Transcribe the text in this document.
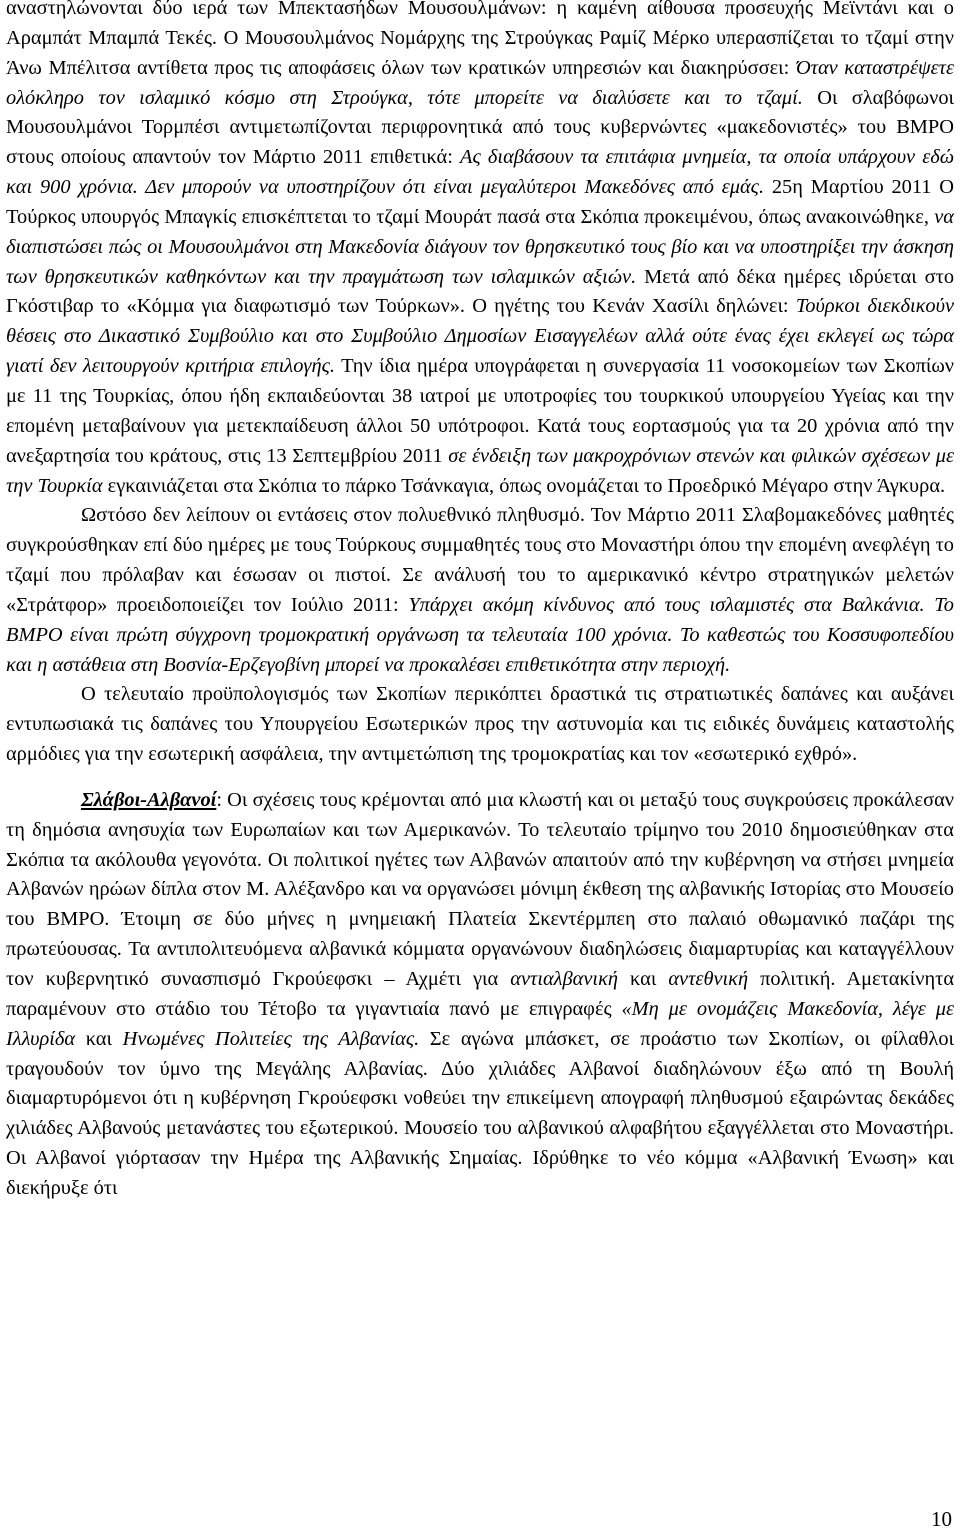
αναστηλώνονται δύο ιερά των Μπεκτασήδων Μουσουλμάνων: η καμένη αίθουσα προσευχής Μεϊντάνι και ο Αραμπάτ Μπαμπά Τεκές. Ο Μουσουλμάνος Νομάρχης της Στρούγκας Ραμίζ Μέρκο υπερασπίζεται το τζαμί στην Άνω Μπέλιτσα αντίθετα προς τις αποφάσεις όλων των κρατικών υπηρεσιών και διακηρύσσει: Όταν καταστρέψετε ολόκληρο τον ισλαμικό κόσμο στη Στρούγκα, τότε μπορείτε να διαλύσετε και το τζαμί. Οι σλαβόφωνοι Μουσουλμάνοι Τορμπέσι αντιμετωπίζονται περιφρονητικά από τους κυβερνώντες «μακεδονιστές» του ΒΜΡΟ στους οποίους απαντούν τον Μάρτιο 2011 επιθετικά: Ας διαβάσουν τα επιτάφια μνημεία, τα οποία υπάρχουν εδώ και 900 χρόνια. Δεν μπορούν να υποστηρίζουν ότι είναι μεγαλύτεροι Μακεδόνες από εμάς. 25η Μαρτίου 2011 Ο Τούρκος υπουργός Μπαγκίς επισκέπτεται το τζαμί Μουράτ πασά στα Σκόπια προκειμένου, όπως ανακοινώθηκε, να διαπιστώσει πώς οι Μουσουλμάνοι στη Μακεδονία διάγουν τον θρησκευτικό τους βίο και να υποστηρίξει την άσκηση των θρησκευτικών καθηκόντων και την πραγμάτωση των ισλαμικών αξιών. Μετά από δέκα ημέρες ιδρύεται στο Γκόστιβαρ το «Κόμμα για διαφωτισμό των Τούρκων». Ο ηγέτης του Κενάν Χασίλι δηλώνει: Τούρκοι διεκδικούν θέσεις στο Δικαστικό Συμβούλιο και στο Συμβούλιο Δημοσίων Εισαγγελέων αλλά ούτε ένας έχει εκλεγεί ως τώρα γιατί δεν λειτουργούν κριτήρια επιλογής. Την ίδια ημέρα υπογράφεται η συνεργασία 11 νοσοκομείων των Σκοπίων με 11 της Τουρκίας, όπου ήδη εκπαιδεύονται 38 ιατροί με υποτροφίες του τουρκικού υπουργείου Υγείας και την επομένη μεταβαίνουν για μετεκπαίδευση άλλοι 50 υπότροφοι. Κατά τους εορτασμούς για τα 20 χρόνια από την ανεξαρτησία του κράτους, στις 13 Σεπτεμβρίου 2011 σε ένδειξη των μακροχρόνιων στενών και φιλικών σχέσεων με την Τουρκία εγκαινιάζεται στα Σκόπια το πάρκο Τσάνκαγια, όπως ονομάζεται το Προεδρικό Μέγαρο στην Άγκυρα.

Ωστόσο δεν λείπουν οι εντάσεις στον πολυεθνικό πληθυσμό. Τον Μάρτιο 2011 Σλαβομακεδόνες μαθητές συγκρούσθηκαν επί δύο ημέρες με τους Τούρκους συμμαθητές τους στο Μοναστήρι όπου την επομένη ανεφλέγη το τζαμί που πρόλαβαν και έσωσαν οι πιστοί. Σε ανάλυσή του το αμερικανικό κέντρο στρατηγικών μελετών «Στράτφορ» προειδοποιείζει τον Ιούλιο 2011: Υπάρχει ακόμη κίνδυνος από τους ισλαμιστές στα Βαλκάνια. Το ΒΜΡΟ είναι πρώτη σύγχρονη τρομοκρατική οργάνωση τα τελευταία 100 χρόνια. Το καθεστώς του Κοσσυφοπεδίου και η αστάθεια στη Βοσνία-Ερζεγοβίνη μπορεί να προκαλέσει επιθετικότητα στην περιοχή.

Ο τελευταίο προϋπολογισμός των Σκοπίων περικόπτει δραστικά τις στρατιωτικές δαπάνες και αυξάνει εντυπωσιακά τις δαπάνες του Υπουργείου Εσωτερικών προς την αστυνομία και τις ειδικές δυνάμεις καταστολής αρμόδιες για την εσωτερική ασφάλεια, την αντιμετώπιση της τρομοκρατίας και τον «εσωτερικό εχθρό».

Σλάβοι-Αλβανοί: Οι σχέσεις τους κρέμονται από μια κλωστή και οι μεταξύ τους συγκρούσεις προκάλεσαν τη δημόσια ανησυχία των Ευρωπαίων και των Αμερικανών. Το τελευταίο τρίμηνο του 2010 δημοσιεύθηκαν στα Σκόπια τα ακόλουθα γεγονότα. Οι πολιτικοί ηγέτες των Αλβανών απαιτούν από την κυβέρνηση να στήσει μνημεία Αλβανών ηρώων δίπλα στον Μ. Αλέξανδρο και να οργανώσει μόνιμη έκθεση της αλβανικής Ιστορίας στο Μουσείο του ΒΜΡΟ. Έτοιμη σε δύο μήνες η μνημειακή Πλατεία Σκεντέρμπεη στο παλαιό οθωμανικό παζάρι της πρωτεύουσας. Τα αντιπολιτευόμενα αλβανικά κόμματα οργανώνουν διαδηλώσεις διαμαρτυρίας και καταγγέλλουν τον κυβερνητικό συνασπισμό Γκρούεφσκι – Αχμέτι για αντιαλβανική και αντεθνική πολιτική. Αμετακίνητα παραμένουν στο στάδιο του Τέτοβο τα γιγαντιαία πανό με επιγραφές «Μη με ονομάζεις Μακεδονία, λέγε με Ιλλυρίδα και Ηνωμένες Πολιτείες της Αλβανίας. Σε αγώνα μπάσκετ, σε προάστιο των Σκοπίων, οι φίλαθλοι τραγουδούν τον ύμνο της Μεγάλης Αλβανίας. Δύο χιλιάδες Αλβανοί διαδηλώνουν έξω από τη Βουλή διαμαρτυρόμενοι ότι η κυβέρνηση Γκρούεφσκι νοθεύει την επικείμενη απογραφή πληθυσμού εξαιρώντας δεκάδες χιλιάδες Αλβανούς μετανάστες του εξωτερικού. Μουσείο του αλβανικού αλφαβήτου εξαγγέλλεται στο Μοναστήρι. Οι Αλβανοί γιόρτασαν την Ημέρα της Αλβανικής Σημαίας. Ιδρύθηκε το νέο κόμμα «Αλβανική Ένωση» και διεκήρυξε ότι

10
